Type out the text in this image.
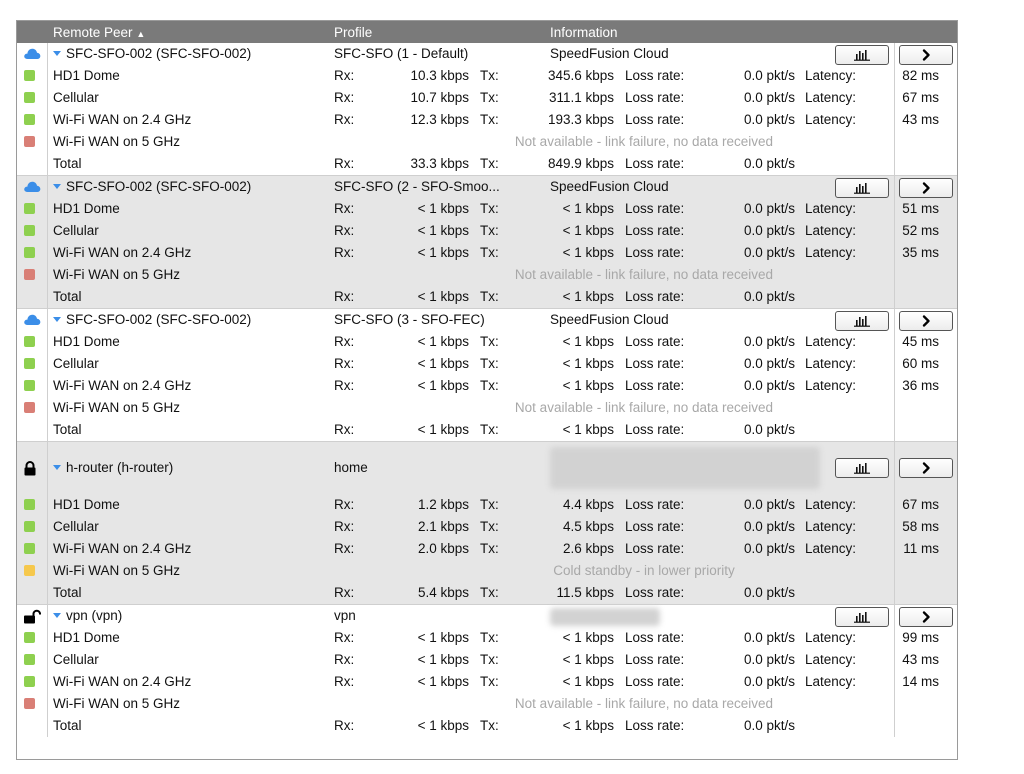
Remote Peer ▲	Profile	Information
SFC-SFO-002 (SFC-SFO-002)	SFC-SFO (1 - Default)	SpeedFusion Cloud
HD1 Dome	Rx:	10.3 kbps Tx:	345.6 kbps Loss rate:	0.0 pkt/s Latency:	82 ms
Cellular	Rx:	10.7 kbps Tx:	311.1 kbps Loss rate:	0.0 pkt/s Latency:	67 ms
Wi-Fi WAN on 2.4 GHz	Rx:	12.3 kbps Tx:	193.3 kbps Loss rate:	0.0 pkt/s Latency:	43 ms
Wi-Fi WAN on 5 GHz	Not available - link failure, no data received
Total	Rx:	33.3 kbps Tx:	849.9 kbps Loss rate:	0.0 pkt/s
SFC-SFO-002 (SFC-SFO-002)	SFC-SFO (2 - SFO-Smoo...	SpeedFusion Cloud
HD1 Dome	Rx:	< 1 kbps Tx:	< 1 kbps Loss rate:	0.0 pkt/s Latency:	51 ms
Cellular	Rx:	< 1 kbps Tx:	< 1 kbps Loss rate:	0.0 pkt/s Latency:	52 ms
Wi-Fi WAN on 2.4 GHz	Rx:	< 1 kbps Tx:	< 1 kbps Loss rate:	0.0 pkt/s Latency:	35 ms
Wi-Fi WAN on 5 GHz	Not available - link failure, no data received
Total	Rx:	< 1 kbps Tx:	< 1 kbps Loss rate:	0.0 pkt/s
SFC-SFO-002 (SFC-SFO-002)	SFC-SFO (3 - SFO-FEC)	SpeedFusion Cloud
HD1 Dome	Rx:	< 1 kbps Tx:	< 1 kbps Loss rate:	0.0 pkt/s Latency:	45 ms
Cellular	Rx:	< 1 kbps Tx:	< 1 kbps Loss rate:	0.0 pkt/s Latency:	60 ms
Wi-Fi WAN on 2.4 GHz	Rx:	< 1 kbps Tx:	< 1 kbps Loss rate:	0.0 pkt/s Latency:	36 ms
Wi-Fi WAN on 5 GHz	Not available - link failure, no data received
Total	Rx:	< 1 kbps Tx:	< 1 kbps Loss rate:	0.0 pkt/s
h-router (h-router)	home
HD1 Dome	Rx:	1.2 kbps Tx:	4.4 kbps Loss rate:	0.0 pkt/s Latency:	67 ms
Cellular	Rx:	2.1 kbps Tx:	4.5 kbps Loss rate:	0.0 pkt/s Latency:	58 ms
Wi-Fi WAN on 2.4 GHz	Rx:	2.0 kbps Tx:	2.6 kbps Loss rate:	0.0 pkt/s Latency:	11 ms
Wi-Fi WAN on 5 GHz	Cold standby - in lower priority
Total	Rx:	5.4 kbps Tx:	11.5 kbps Loss rate:	0.0 pkt/s
vpn (vpn)	vpn
HD1 Dome	Rx:	< 1 kbps Tx:	< 1 kbps Loss rate:	0.0 pkt/s Latency:	99 ms
Cellular	Rx:	< 1 kbps Tx:	< 1 kbps Loss rate:	0.0 pkt/s Latency:	43 ms
Wi-Fi WAN on 2.4 GHz	Rx:	< 1 kbps Tx:	< 1 kbps Loss rate:	0.0 pkt/s Latency:	14 ms
Wi-Fi WAN on 5 GHz	Not available - link failure, no data received
Total	Rx:	< 1 kbps Tx:	< 1 kbps Loss rate:	0.0 pkt/s
